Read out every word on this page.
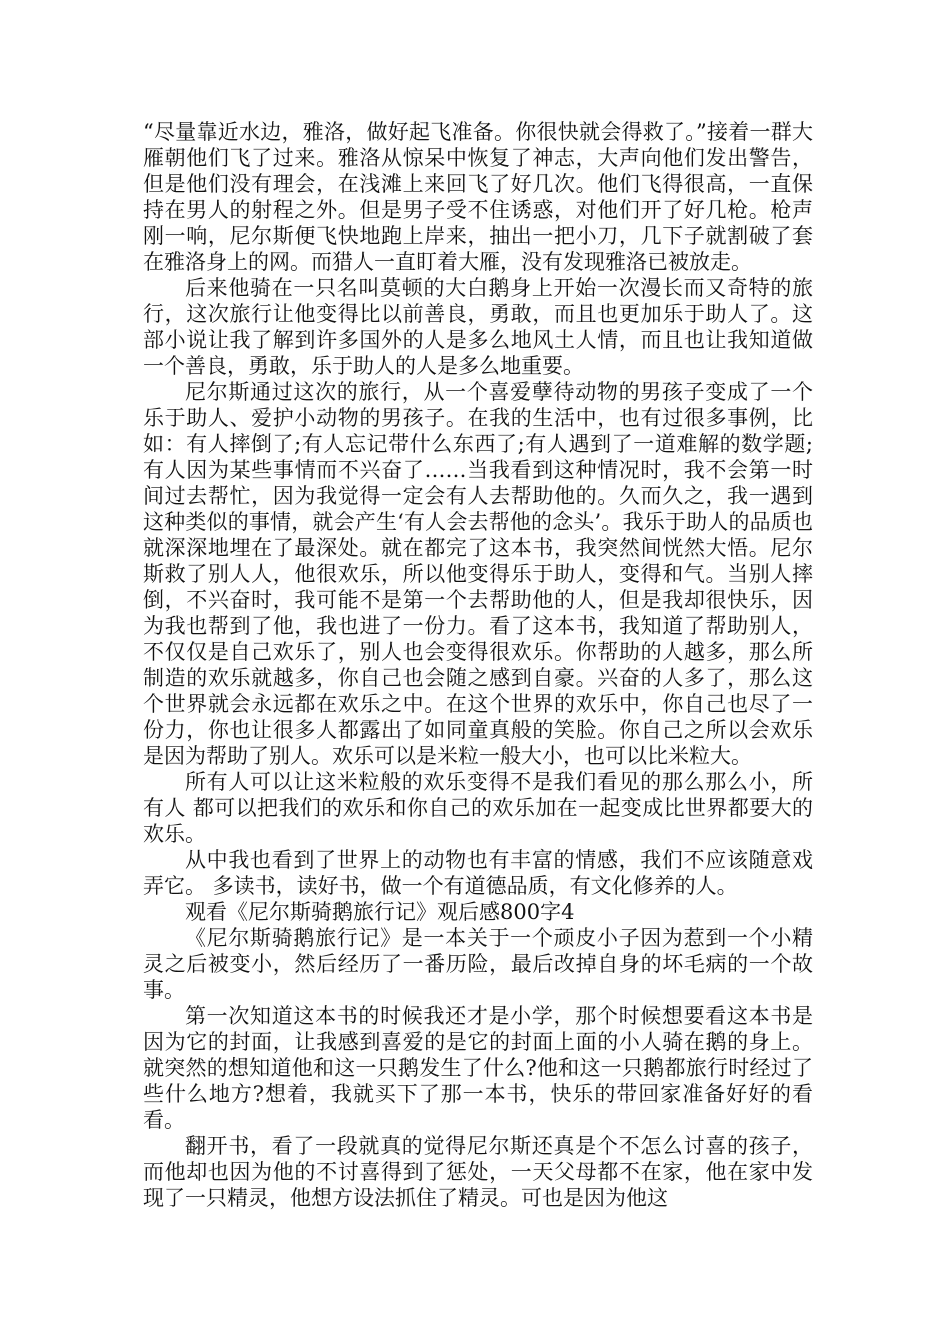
“尽量靠近水边，雅洛，做好起飞准备。你很快就会得救了。”接着一群大雁朝他们飞了过来。雅洛从惊呆中恢复了神志，大声向他们发出警告，但是他们没有理会，在浅滩上来回飞了好几次。他们飞得很高，一直保持在男人的射程之外。但是男子受不住诱惑，对他们开了好几枪。枪声刚一响，尼尔斯便飞快地跑上岸来，抽出一把小刀，几下子就割破了套在雅洛身上的网。而猎人一直盯着大雁，没有发现雅洛已被放走。

后来他骑在一只名叫莫顿的大白鹅身上开始一次漫长而又奇特的旅行，这次旅行让他变得比以前善良，勇敢，而且也更加乐于助人了。这部小说让我了解到许多国外的人是多么地风土人情，而且也让我知道做一个善良，勇敢，乐于助人的人是多么地重要。

尼尔斯通过这次的旅行，从一个喜爱孽待动物的男孩子变成了一个乐于助人、爱护小动物的男孩子。在我的生活中，也有过很多事例，比如：有人摔倒了;有人忘记带什么东西了;有人遇到了一道难解的数学题;有人因为某些事情而不兴奋了……当我看到这种情况时，我不会第一时间过去帮忙，因为我觉得一定会有人去帮助他的。久而久之，我一遇到这种类似的事情，就会产生‘有人会去帮他的念头’。我乐于助人的品质也就深深地埋在了最深处。就在都完了这本书，我突然间恍然大悟。尼尔斯救了别人人，他很欢乐，所以他变得乐于助人，变得和气。当别人摔倒，不兴奋时，我可能不是第一个去帮助他的人，但是我却很快乐，因为我也帮到了他，我也进了一份力。看了这本书，我知道了帮助别人，不仅仅是自己欢乐了，别人也会变得很欢乐。你帮助的人越多，那么所制造的欢乐就越多，你自己也会随之感到自豪。兴奋的人多了，那么这个世界就会永远都在欢乐之中。在这个世界的欢乐中，你自己也尽了一份力，你也让很多人都露出了如同童真般的笑脸。你自己之所以会欢乐是因为帮助了别人。欢乐可以是米粒一般大小，也可以比米粒大。

所有人可以让这米粒般的欢乐变得不是我们看见的那么那么小，所有人 都可以把我们的欢乐和你自己的欢乐加在一起变成比世界都要大的欢乐。

从中我也看到了世界上的动物也有丰富的情感，我们不应该随意戏弄它。 多读书，读好书，做一个有道德品质，有文化修养的人。

观看《尼尔斯骑鹅旅行记》观后感800字4

《尼尔斯骑鹅旅行记》是一本关于一个顽皮小子因为惹到一个小精灵之后被变小，然后经历了一番历险，最后改掉自身的坏毛病的一个故事。

第一次知道这本书的时候我还才是小学，那个时候想要看这本书是因为它的封面，让我感到喜爱的是它的封面上面的小人骑在鹅的身上。就突然的想知道他和这一只鹅发生了什么?他和这一只鹅都旅行时经过了些什么地方?想着，我就买下了那一本书，快乐的带回家准备好好的看看。

翻开书，看了一段就真的觉得尼尔斯还真是个不怎么讨喜的孩子，而他却也因为他的不讨喜得到了惩处，一天父母都不在家，他在家中发现了一只精灵，他想方设法抓住了精灵。可也是因为他这
